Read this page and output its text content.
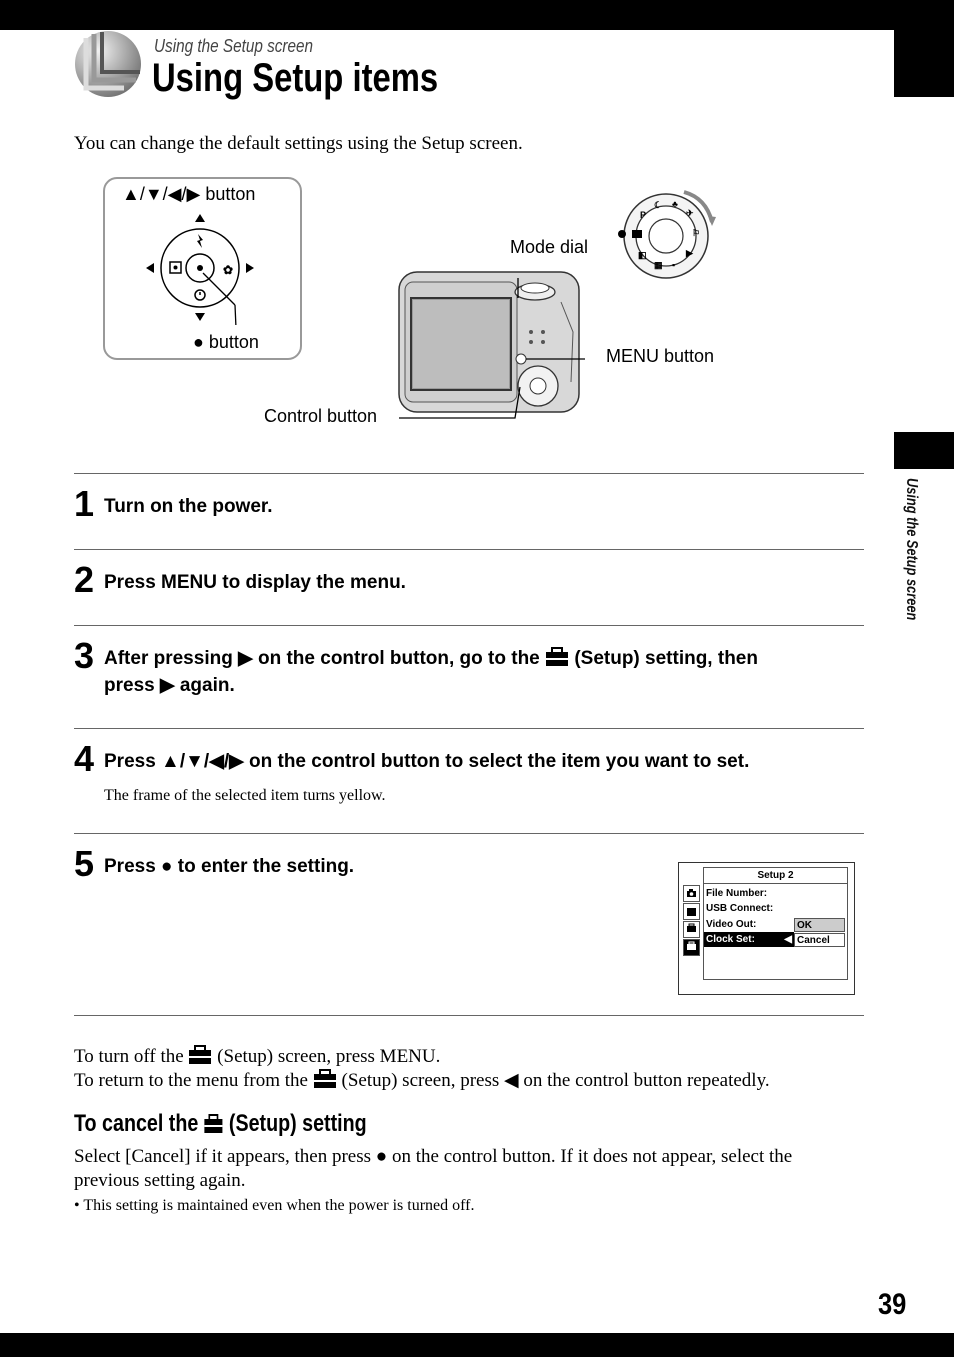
Using the Setup screen
Using the Setup screen
Using Setup items
You can change the default settings using the Setup screen.
▲/▼/◀/▶ button
✿
● button
P
☾ ♣
✈
⚐
▶
▪
▦
◧
Mode dial
MENU button
Control button
1 Turn on the power.
2 Press MENU to display the menu.
3 After pressing ▶ on the control button, go to the (Setup) setting, then
press ▶ again.
4 Press ▲/▼/◀/▶ on the control button to select the item you want to set.
The frame of the selected item turns yellow.
5 Press ● to enter the setting.	Setup 2
File Number:
USB Connect:
Video Out:
Clock Set:	◀
OK
Cancel
To turn off the (Setup) screen, press MENU.
To return to the menu from the (Setup) screen, press ◀ on the control button repeatedly.
To cancel the (Setup) setting
Select [Cancel] if it appears, then press ● on the control button. If it does not appear, select the previous setting again.
• This setting is maintained even when the power is turned off.
39
